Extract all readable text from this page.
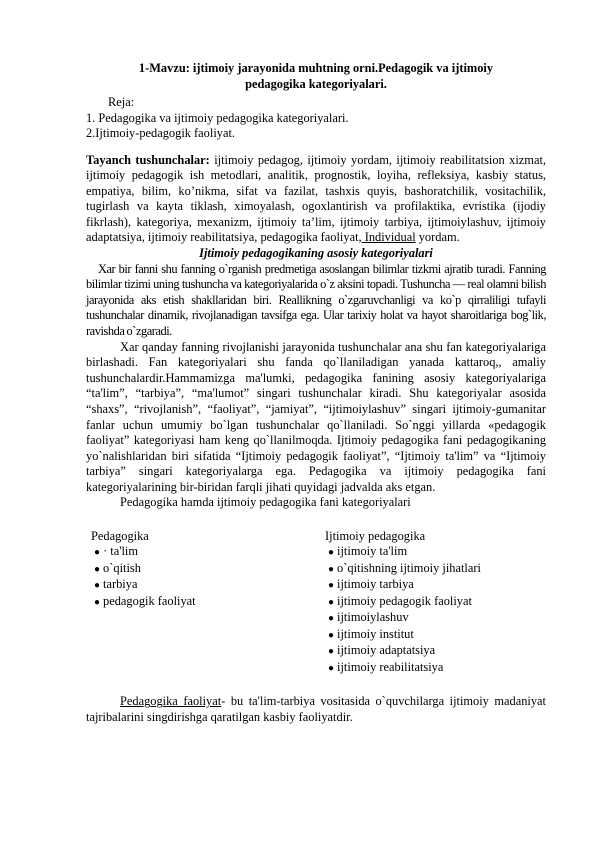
1-Mavzu: ijtimoiy jarayonida muhtning orni.Pedagogik va ijtimoiy
pedagogika kategoriyalari.
Reja:
1. Pedagogika va ijtimoiy pedagogika kategoriyalari.
2.Ijtimoiy-pedagogik faoliyat.

Tayanch tushunchalar: ijtimoiy pedagog, ijtimoiy yordam, ijtimoiy reabilitatsion xizmat, ijtimoiy pedagogik ish metodlari, analitik, prognostik, loyiha, refleksiya, kasbiy status, empatiya, bilim, ko’nikma, sifat va fazilat, tashxis quyis, bashoratchilik, vositachilik, tugirlash va kayta tiklash, ximoyalash, ogoxlantirish va profilaktika, evristika (ijodiy fikrlash), kategoriya, mexanizm, ijtimoiy ta’lim, ijtimoiy tarbiya, ijtimoiylashuv, ijtimoiy adaptatsiya, ijtimoiy reabilitatsiya, pedagogika faoliyat, Individual yordam.

Ijtimoiy pedagogikaning asosiy kategoriyalari

Xar bir fanni shu fanning o`rganish predmetiga asoslangan bilimlar tizkmi ajratib turadi. Fanning bilimlar tizimi uning tushuncha va kategoriyalarida o`z aksini topadi. Tushuncha — real olamni bilish jarayonida aks etish shakllaridan biri. Reallikning o`zgaruvchanligi va ko`p qirraliligi tufayli tushunchalar dinamik, rivojlanadigan tavsifga ega. Ular tarixiy holat va hayot sharoitlariga bog`lik, ravishda o`zgaradi.

Xar qanday fanning rivojlanishi jarayonida tushunchalar ana shu fan kategoriyalariga birlashadi. Fan kategoriyalari shu fanda qo`llaniladigan yanada kattaroq,, amaliy tushunchalardir.Hammamizga ma'lumki, pedagogika fanining asosiy kategoriyalariga “ta'lim”, “tarbiya”, “ma'lumot” singari tushunchalar kiradi. Shu kategoriyalar asosida “shaxs”, “rivojlanish”, “faoliyat”, “jamiyat”, “ijtimoiylashuv” singari ijtimoiy-gumanitar fanlar uchun umumiy bo`lgan tushunchalar qo`llaniladi. So`nggi yillarda «pedagogik faoliyat” kategoriyasi ham keng qo`llanilmoqda. Ijtimoiy pedagogika fani pedagogikaning yo`nalishlaridan biri sifatida “Ijtimoiy pedagogik faoliyat”, “Ijtimoiy ta'lim” va “Ijtimoiy tarbiya” singari kategoriyalarga ega. Pedagogika va ijtimoiy pedagogika fani kategoriyalarining bir-biridan farqli jihati quyidagi jadvalda aks etgan.

Pedagogika hamda ijtimoiy pedagogika fani kategoriyalari

Pedagogika
● · ta'lim
● o`qitish
● tarbiya
● pedagogik faoliyat
Ijtimoiy pedagogika
● ijtimoiy ta'lim
● o`qitishning ijtimoiy jihatlari
● ijtimoiy tarbiya
● ijtimoiy pedagogik faoliyat
● ijtimoiylashuv
● ijtimoiy institut
● ijtimoiy adaptatsiya
● ijtimoiy reabilitatsiya

Pedagogika faoliyat- bu ta'lim-tarbiya vositasida o`quvchilarga ijtimoiy madaniyat tajribalarini singdirishga qaratilgan kasbiy faoliyatdir.
